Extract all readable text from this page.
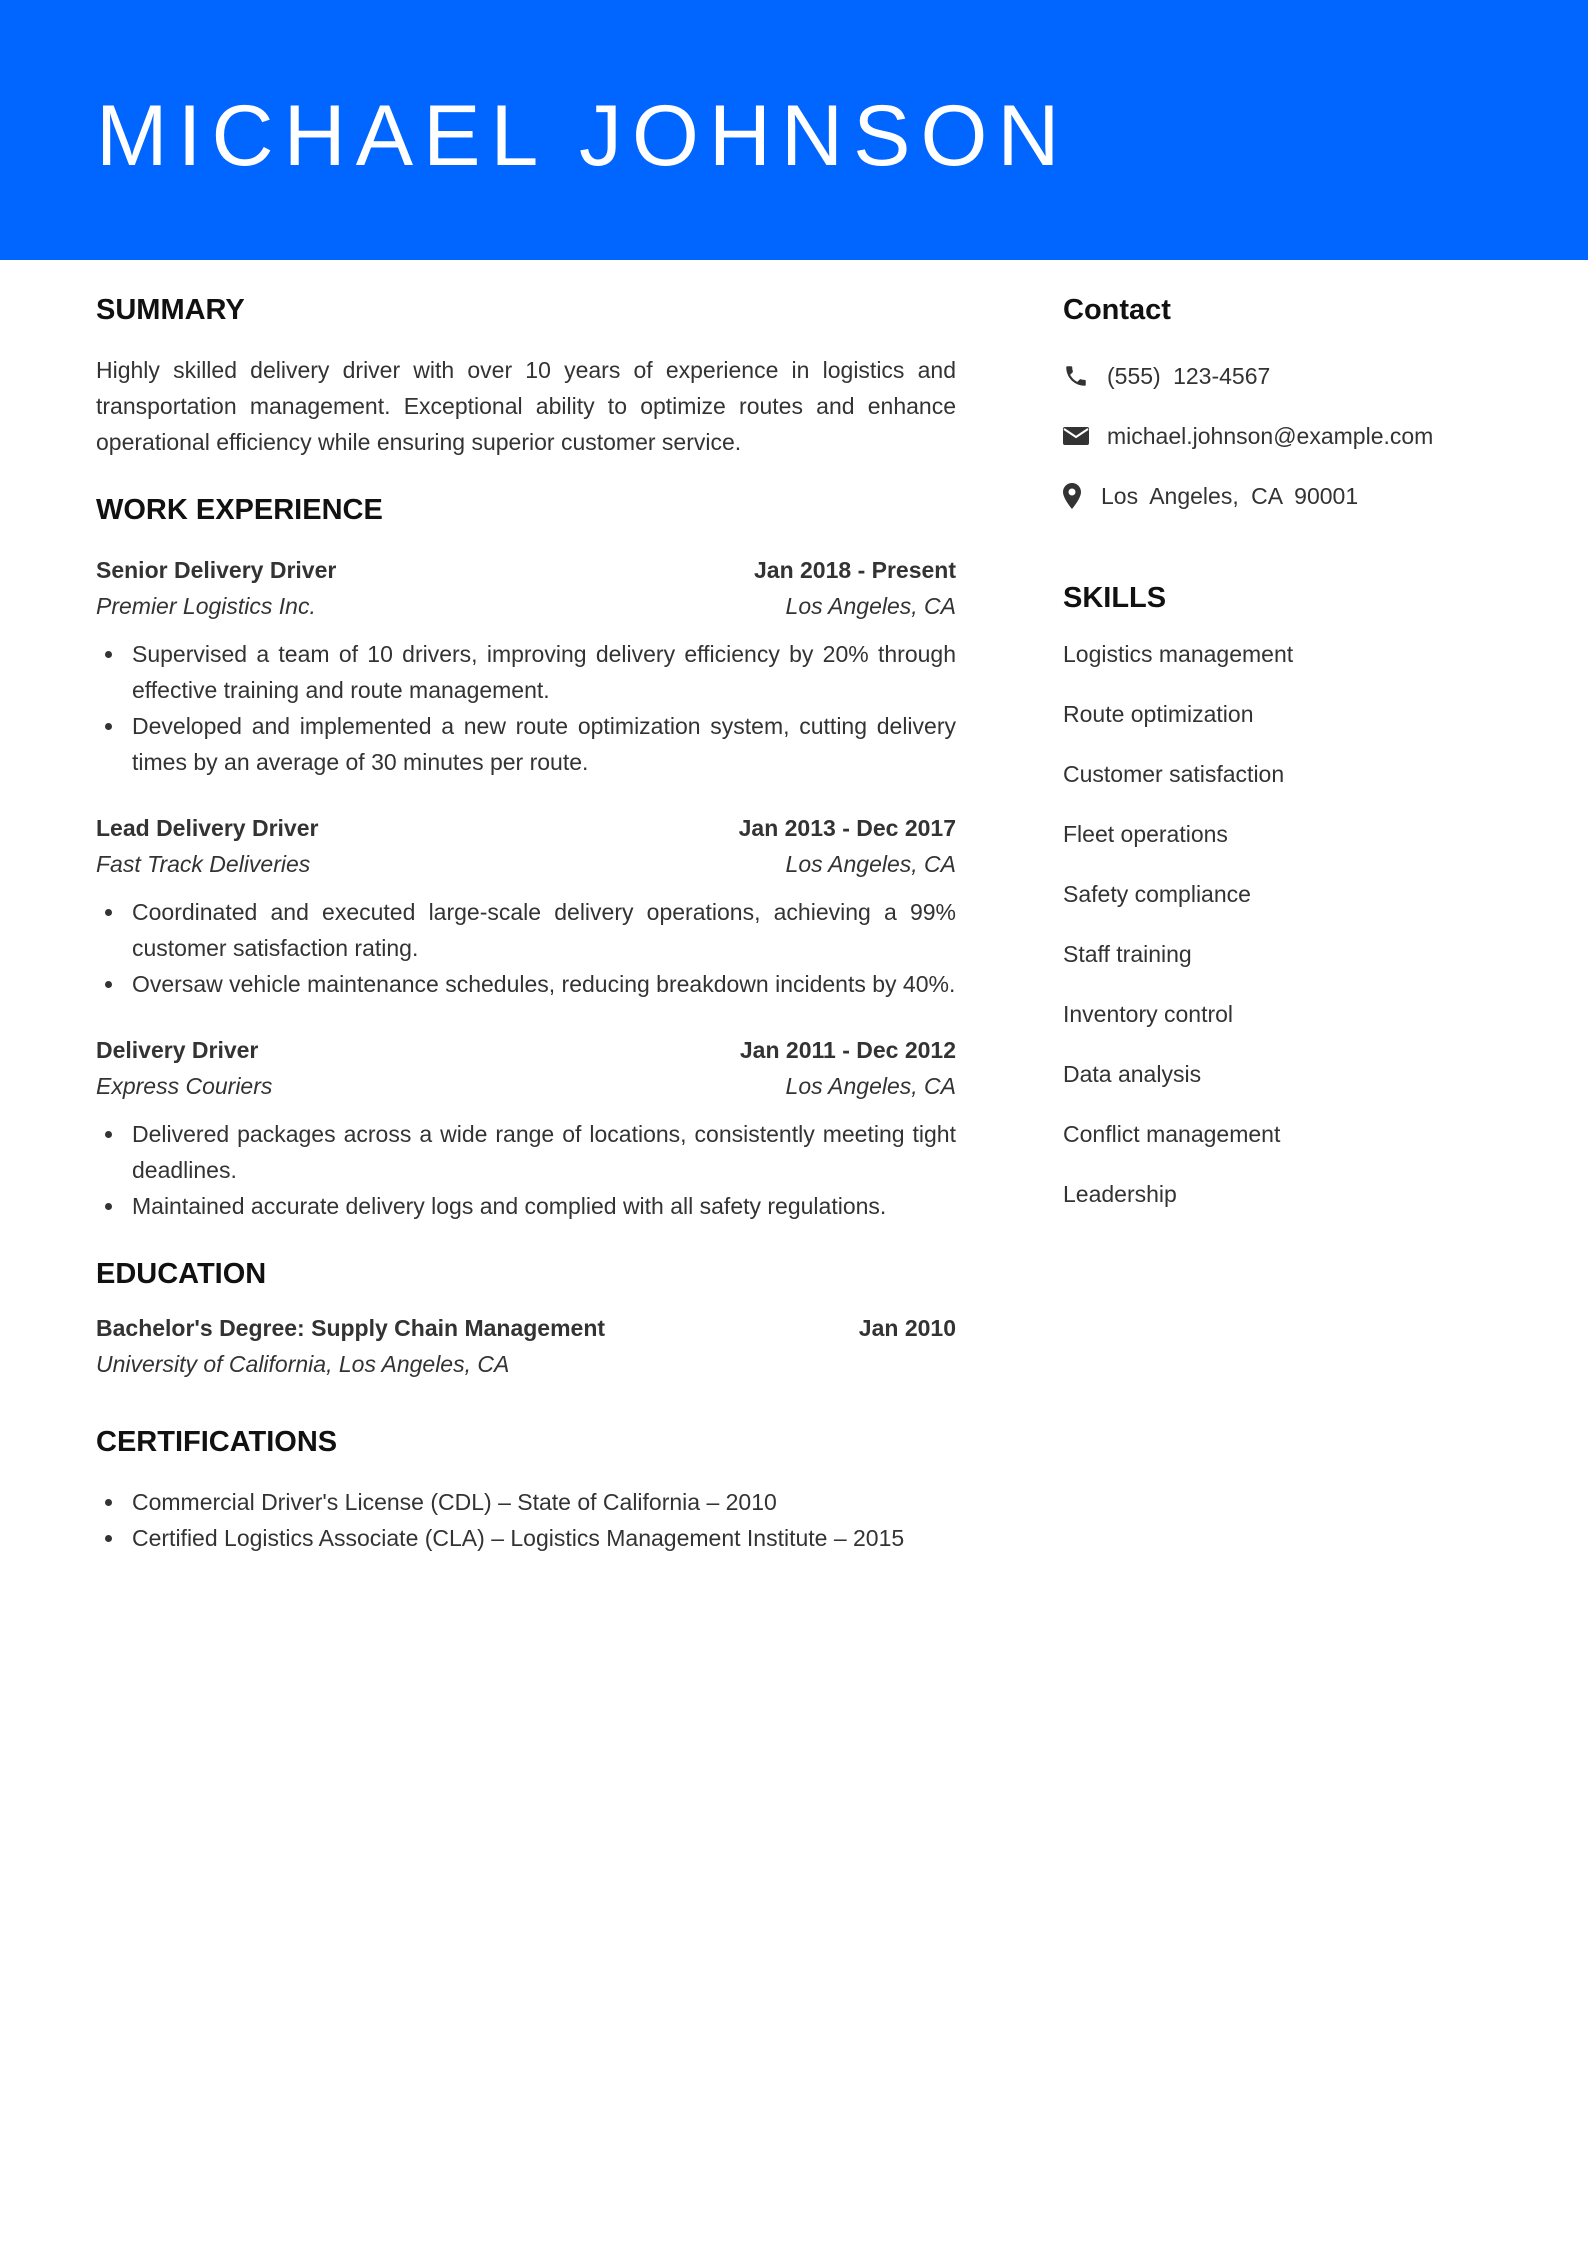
MICHAEL JOHNSON
SUMMARY

Highly skilled delivery driver with over 10 years of experience in logistics and transportation management. Exceptional ability to optimize routes and enhance operational efficiency while ensuring superior customer service.

WORK EXPERIENCE
Senior Delivery Driver	Jan 2018 - Present
Premier Logistics Inc.	Los Angeles, CA
Supervised a team of 10 drivers, improving delivery efficiency by 20% through effective training and route management.
Developed and implemented a new route optimization system, cutting delivery times by an average of 30 minutes per route.
Lead Delivery Driver	Jan 2013 - Dec 2017
Fast Track Deliveries	Los Angeles, CA
Coordinated and executed large-scale delivery operations, achieving a 99% customer satisfaction rating.
Oversaw vehicle maintenance schedules, reducing breakdown incidents by 40%.
Delivery Driver	Jan 2011 - Dec 2012
Express Couriers	Los Angeles, CA
Delivered packages across a wide range of locations, consistently meeting tight deadlines.
Maintained accurate delivery logs and complied with all safety regulations.
EDUCATION
Bachelor's Degree: Supply Chain Management	Jan 2010
University of California, Los Angeles, CA
CERTIFICATIONS
Commercial Driver's License (CDL) – State of California – 2010
Certified Logistics Associate (CLA) – Logistics Management Institute – 2015
Contact
(555) 123-4567
michael.johnson@example.com
Los Angeles, CA 90001
SKILLS
Logistics management
Route optimization
Customer satisfaction
Fleet operations
Safety compliance
Staff training
Inventory control
Data analysis
Conflict management
Leadership
